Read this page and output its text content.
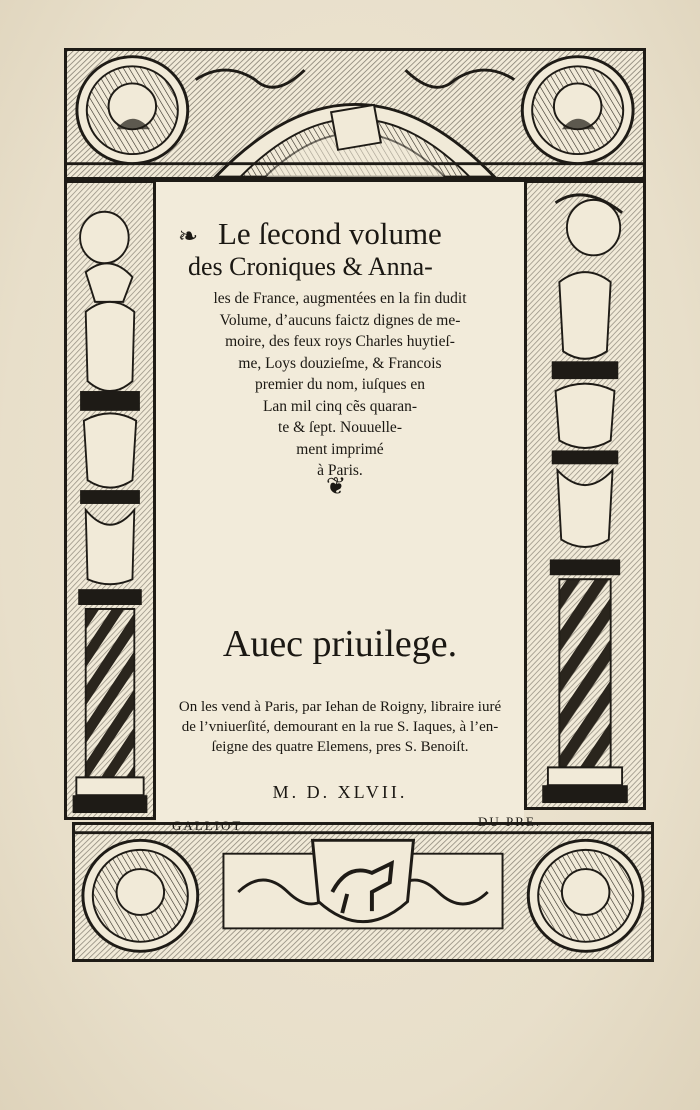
❧ Le ſecond volume
des Croniques & Anna-
les de France, augmentées en la fin dudit
Volume, d’aucuns faictz dignes de me-
moire, des feux roys Charles huytieſ-
me, Loys douzieſme, & Francois
premier du nom, iuſques en
Lan mil cinq cẽs quaran-
te & ſept. Nouuelle-
ment imprimé
à Paris.
❦
Auec priuilege.
On les vend à Paris, par Iehan de Roigny, libraire iuré
de l’vniuerſité, demourant en la rue S. Iaques, à l’en-
ſeigne des quatre Elemens, pres S. Benoiſt.
M. D. XLVII.
GALLIOT	DU PRE.
